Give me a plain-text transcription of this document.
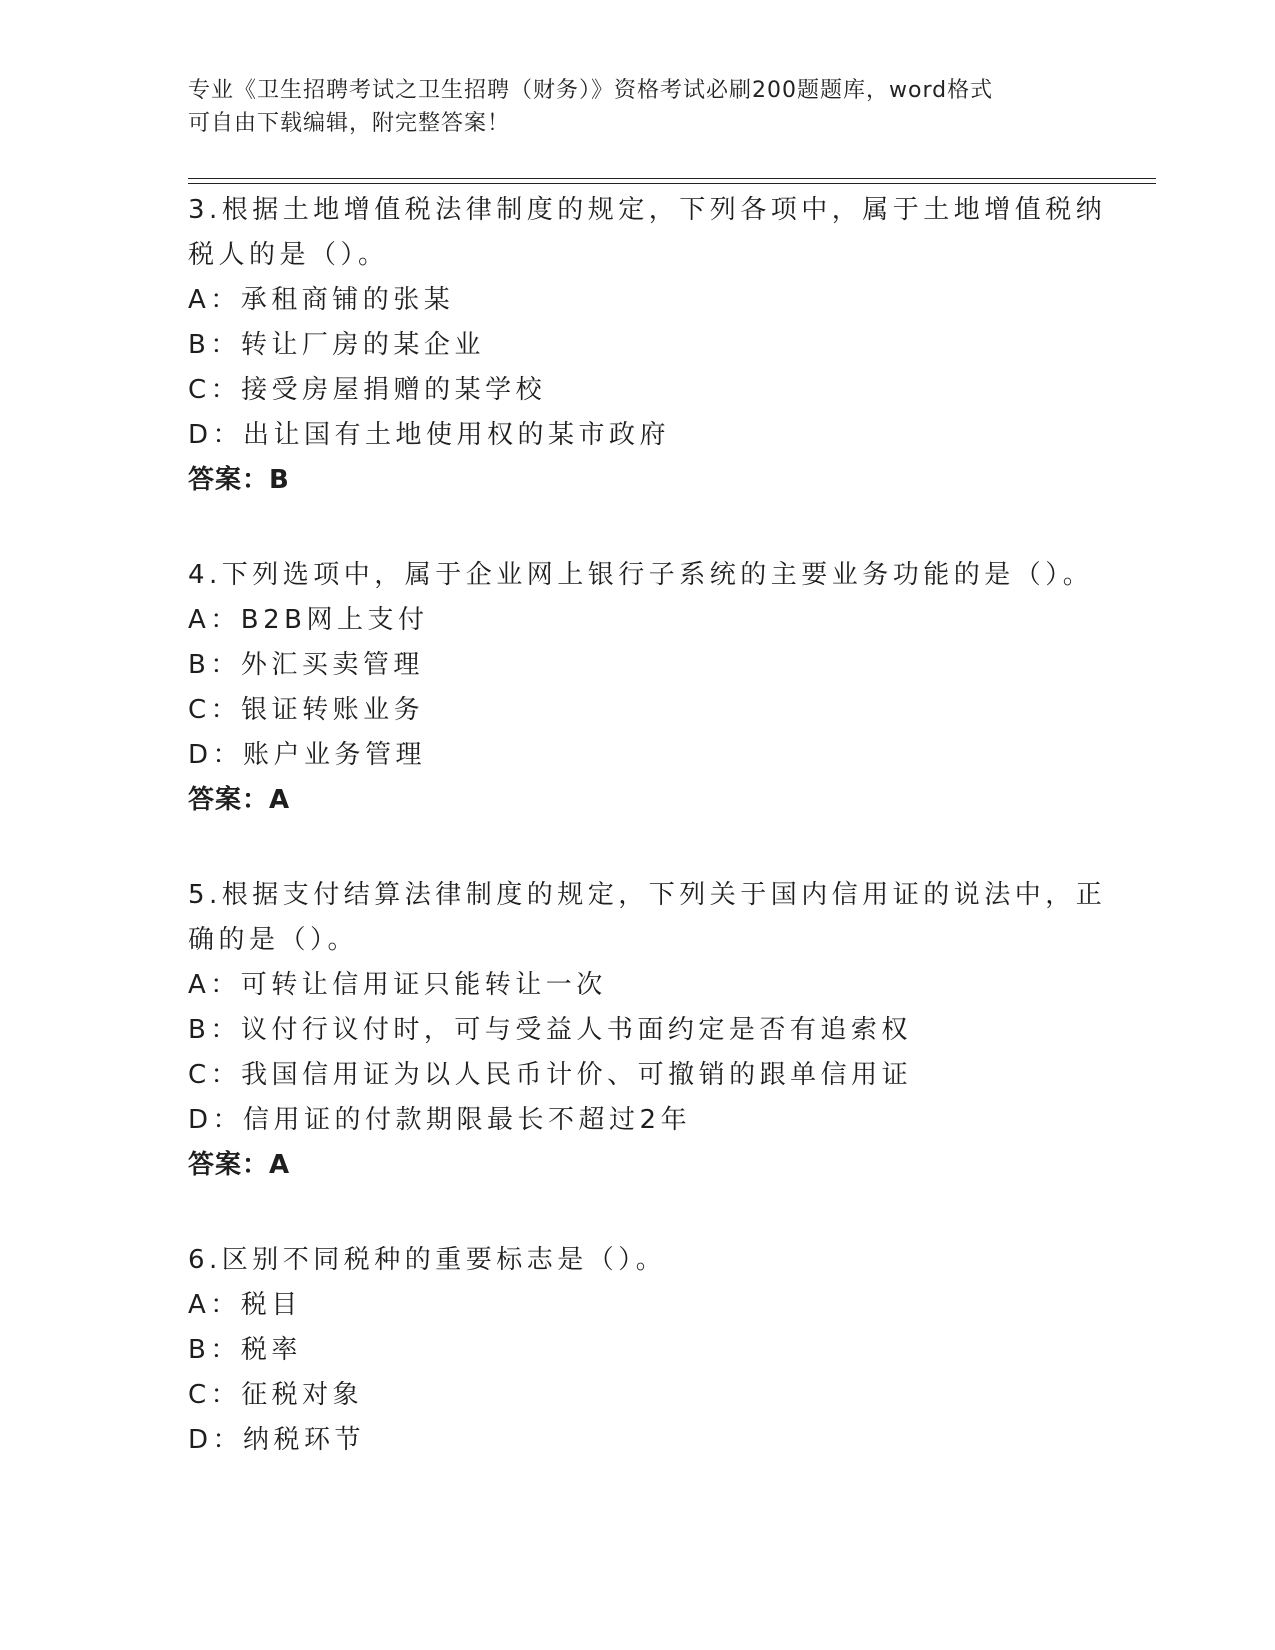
专业《卫生招聘考试之卫生招聘（财务）》资格考试必刷200题题库，word格式
可自由下载编辑，附完整答案！
3.根据土地增值税法律制度的规定，下列各项中，属于土地增值税纳
税人的是（）。
A：承租商铺的张某
B：转让厂房的某企业
C：接受房屋捐赠的某学校
D：出让国有土地使用权的某市政府
答案：B
4.下列选项中，属于企业网上银行子系统的主要业务功能的是（）。
A：B2B网上支付
B：外汇买卖管理
C：银证转账业务
D：账户业务管理
答案：A
5.根据支付结算法律制度的规定，下列关于国内信用证的说法中，正
确的是（）。
A：可转让信用证只能转让一次
B：议付行议付时，可与受益人书面约定是否有追索权
C：我国信用证为以人民币计价、可撤销的跟单信用证
D：信用证的付款期限最长不超过2年
答案：A
6.区别不同税种的重要标志是（）。
A：税目
B：税率
C：征税对象
D：纳税环节
